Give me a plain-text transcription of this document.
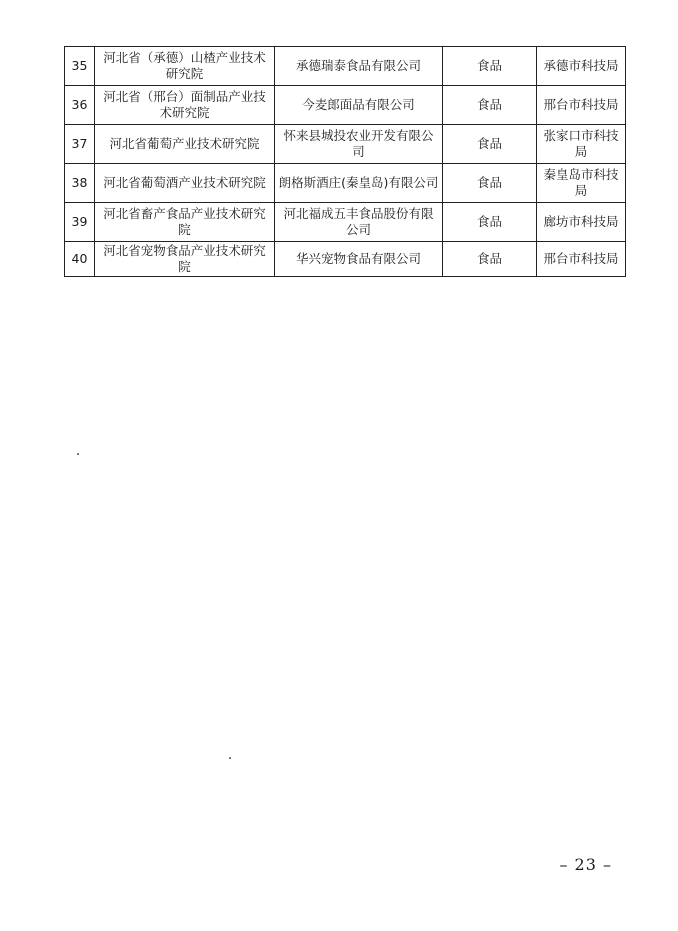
35	河北省（承德）山楂产业技术研究院	承德瑞泰食品有限公司	食品	承德市科技局
36	河北省（邢台）面制品产业技术研究院	今麦郎面品有限公司	食品	邢台市科技局
37	河北省葡萄产业技术研究院	怀来县城投农业开发有限公司	食品	张家口市科技局
38	河北省葡萄酒产业技术研究院	朗格斯酒庄(秦皇岛)有限公司	食品	秦皇岛市科技局
39	河北省畜产食品产业技术研究院	河北福成五丰食品股份有限公司	食品	廊坊市科技局
40	河北省宠物食品产业技术研究院	华兴宠物食品有限公司	食品	邢台市科技局
– 23 –
